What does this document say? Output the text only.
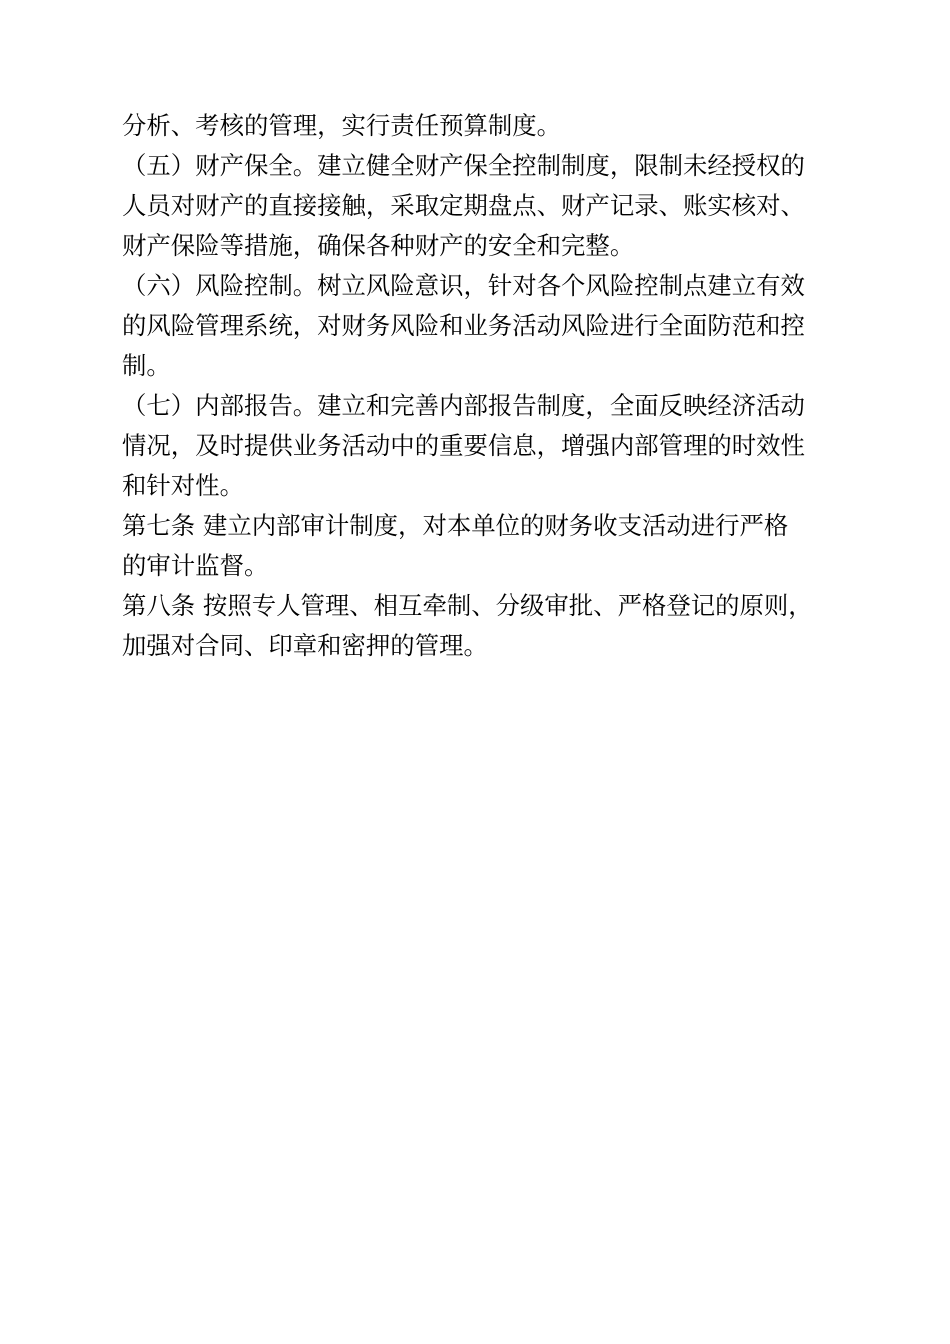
分析、考核的管理，实行责任预算制度。

（五）财产保全。建立健全财产保全控制制度，限制未经授权的
人员对财产的直接接触，采取定期盘点、财产记录、账实核对、
财产保险等措施，确保各种财产的安全和完整。

（六）风险控制。树立风险意识，针对各个风险控制点建立有效
的风险管理系统，对财务风险和业务活动风险进行全面防范和控
制。

（七）内部报告。建立和完善内部报告制度，全面反映经济活动
情况，及时提供业务活动中的重要信息，增强内部管理的时效性
和针对性。

第七条 建立内部审计制度，对本单位的财务收支活动进行严格
的审计监督。

第八条 按照专人管理、相互牵制、分级审批、严格登记的原则，
加强对合同、印章和密押的管理。
